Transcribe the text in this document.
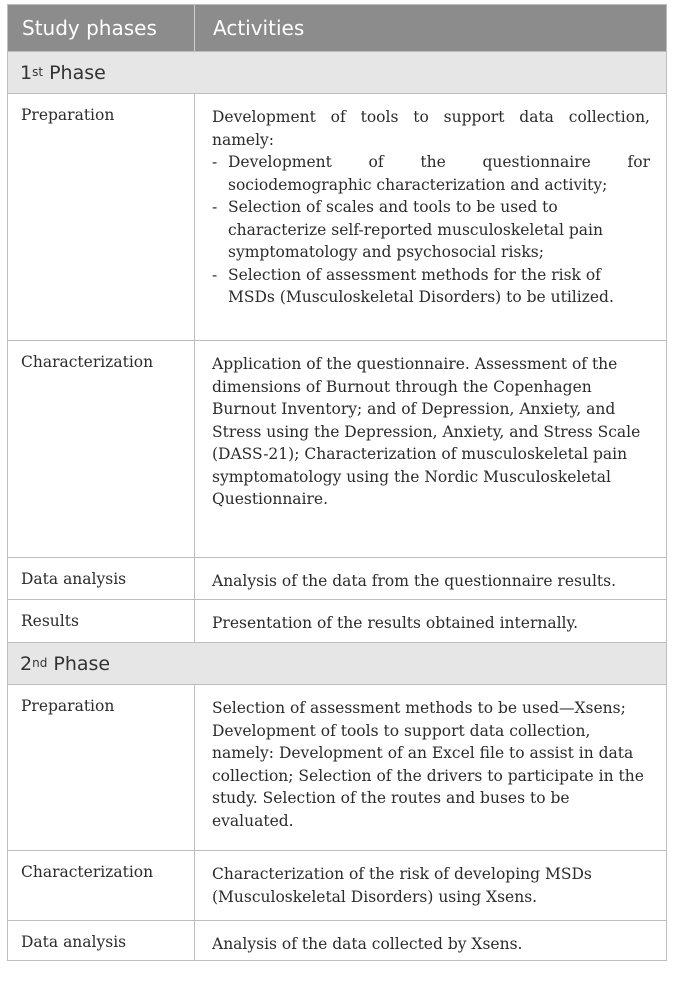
Study phases	Activities
1st Phase
Preparation	Development of tools to support data collection, namely:
- Development of the questionnaire for sociodemographic characterization and activity;
- Selection of scales and tools to be used to characterize self-reported musculoskeletal pain symptomatology and psychosocial risks;
- Selection of assessment methods for the risk of MSDs (Musculoskeletal Disorders) to be utilized.
Characterization	Application of the questionnaire. Assessment of the dimensions of Burnout through the Copenhagen Burnout Inventory; and of Depression, Anxiety, and Stress using the Depression, Anxiety, and Stress Scale (DASS-21); Characterization of musculoskeletal pain symptomatology using the Nordic Musculoskeletal Questionnaire.
Data analysis	Analysis of the data from the questionnaire results.
Results	Presentation of the results obtained internally.
2nd Phase
Preparation	Selection of assessment methods to be used—Xsens; Development of tools to support data collection, namely: Development of an Excel file to assist in data collection; Selection of the drivers to participate in the study. Selection of the routes and buses to be evaluated.
Characterization	Characterization of the risk of developing MSDs (Musculoskeletal Disorders) using Xsens.
Data analysis	Analysis of the data collected by Xsens.
